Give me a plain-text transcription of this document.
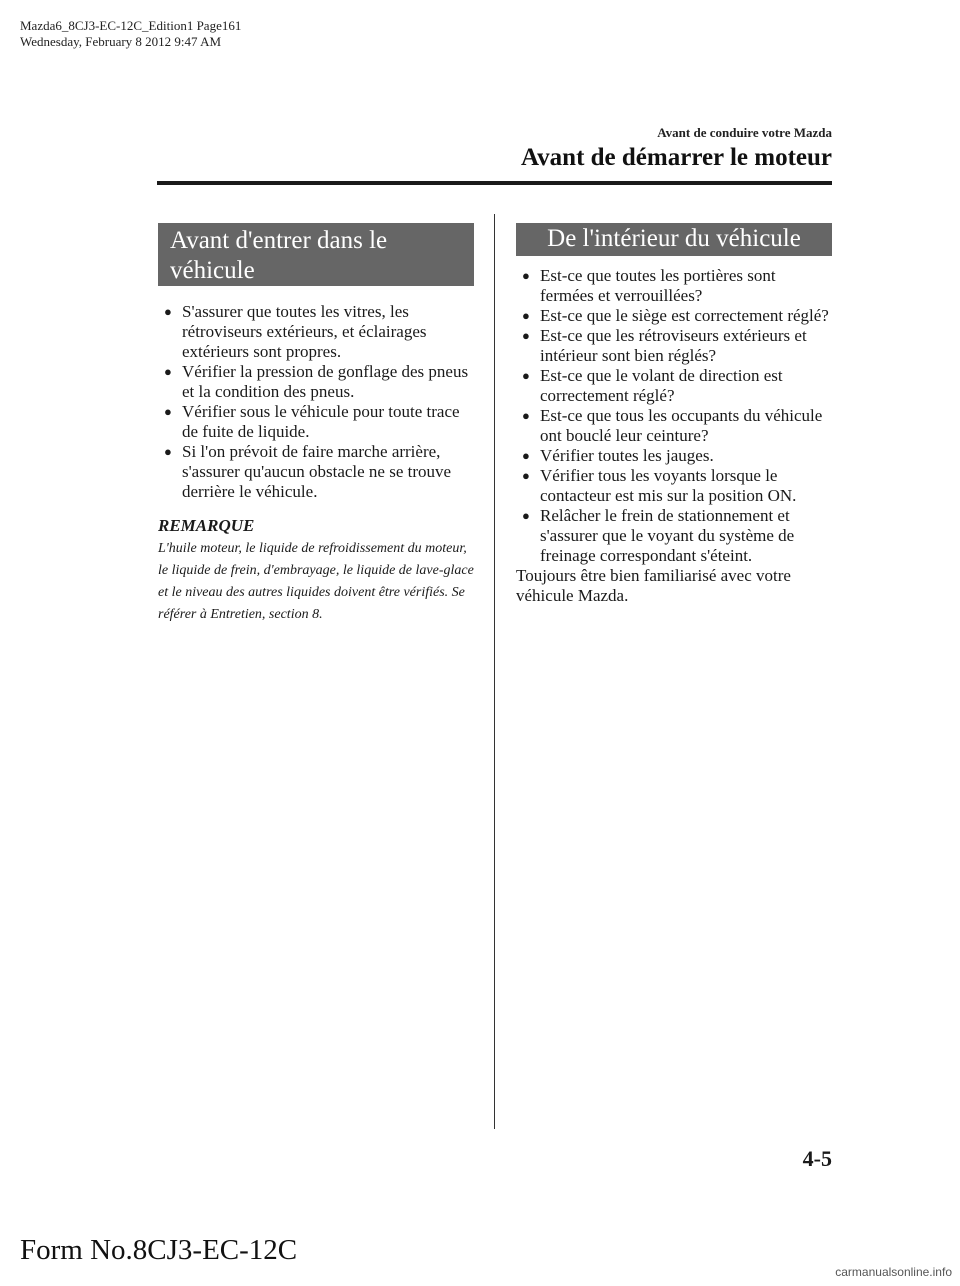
Mazda6_8CJ3-EC-12C_Edition1 Page161
Wednesday, February 8 2012 9:47 AM
Avant de conduire votre Mazda
Avant de démarrer le moteur
Avant d'entrer dans le véhicule
● S'assurer que toutes les vitres, les rétroviseurs extérieurs, et éclairages extérieurs sont propres.
● Vérifier la pression de gonflage des pneus et la condition des pneus.
● Vérifier sous le véhicule pour toute trace de fuite de liquide.
● Si l'on prévoit de faire marche arrière, s'assurer qu'aucun obstacle ne se trouve derrière le véhicule.
REMARQUE
L'huile moteur, le liquide de refroidissement du moteur, le liquide de frein, d'embrayage, le liquide de lave-glace et le niveau des autres liquides doivent être vérifiés. Se référer à Entretien, section 8.
De l'intérieur du véhicule
● Est-ce que toutes les portières sont fermées et verrouillées?
● Est-ce que le siège est correctement réglé?
● Est-ce que les rétroviseurs extérieurs et intérieur sont bien réglés?
● Est-ce que le volant de direction est correctement réglé?
● Est-ce que tous les occupants du véhicule ont bouclé leur ceinture?
● Vérifier toutes les jauges.
● Vérifier tous les voyants lorsque le contacteur est mis sur la position ON.
● Relâcher le frein de stationnement et s'assurer que le voyant du système de freinage correspondant s'éteint.
Toujours être bien familiarisé avec votre véhicule Mazda.
4-5
Form No.8CJ3-EC-12C
carmanualsonline.info
